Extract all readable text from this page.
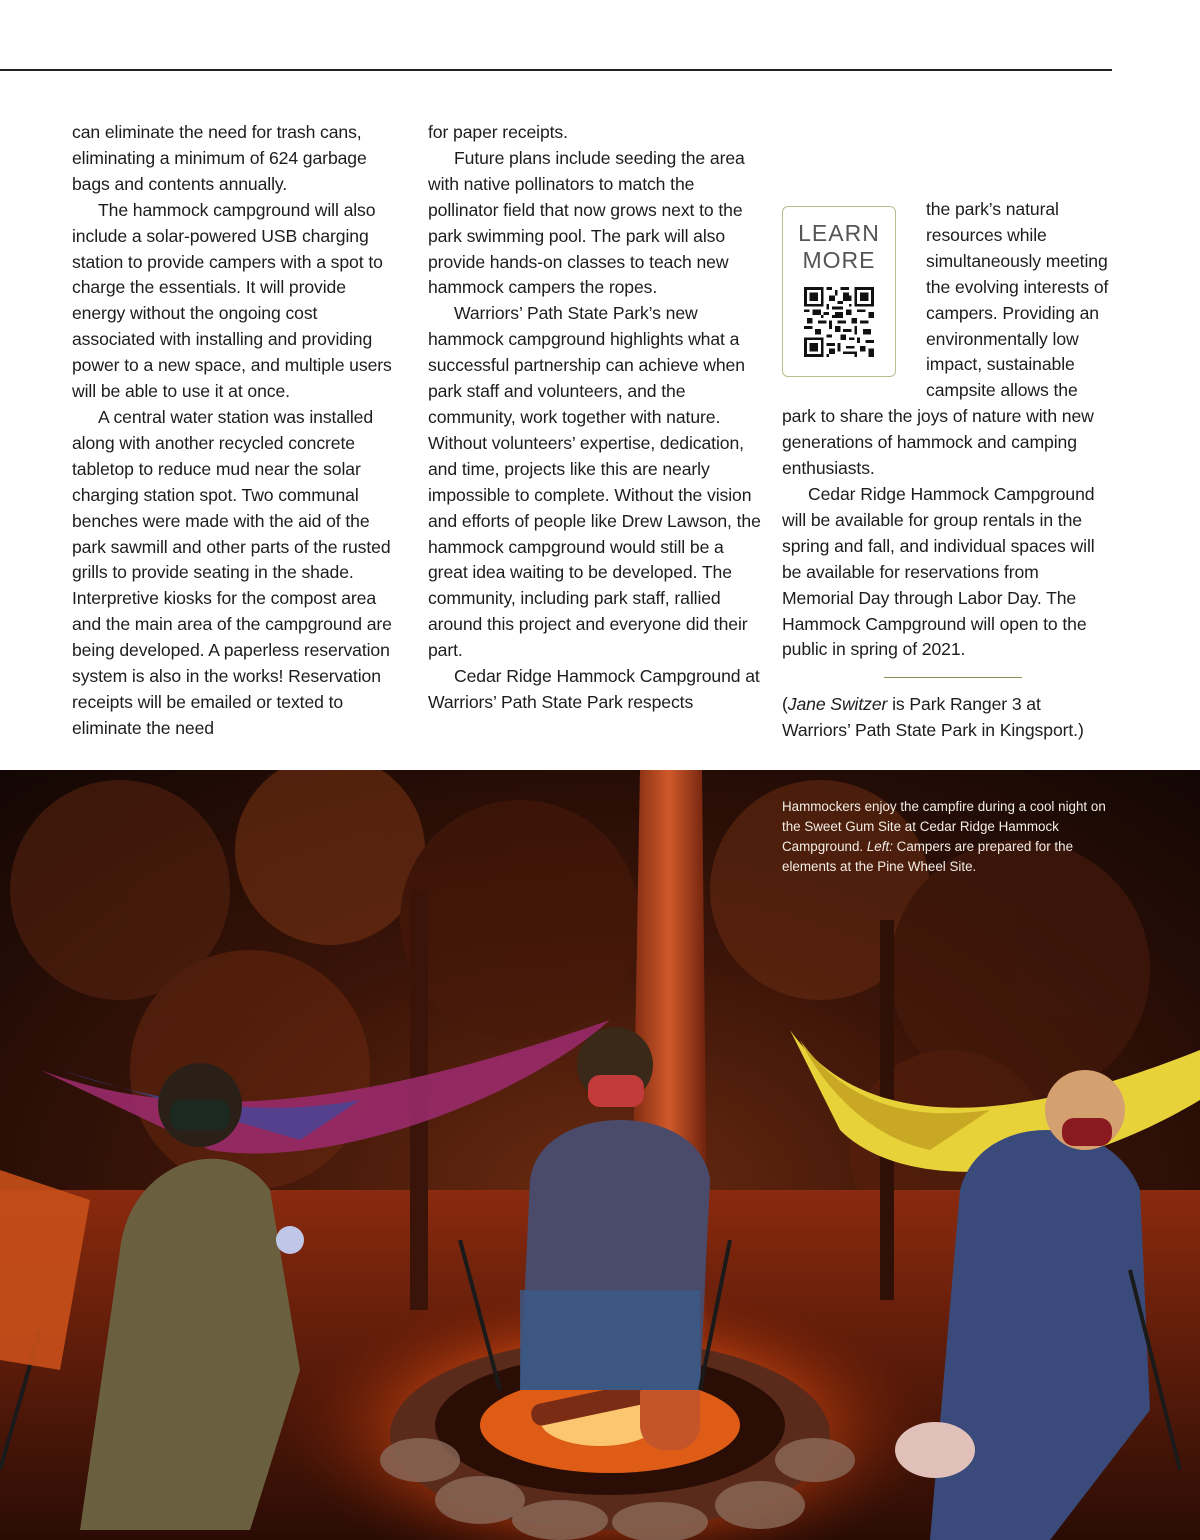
can eliminate the need for trash cans, eliminating a minimum of 624 garbage bags and contents annually.

The hammock campground will also include a solar-powered USB charging station to provide campers with a spot to charge the essentials. It will provide energy without the ongoing cost associated with installing and providing power to a new space, and multiple users will be able to use it at once.

A central water station was installed along with another recycled concrete tabletop to reduce mud near the solar charging station spot. Two communal benches were made with the aid of the park sawmill and other parts of the rusted grills to provide seating in the shade. Interpretive kiosks for the compost area and the main area of the campground are being developed. A paperless reservation system is also in the works! Reservation receipts will be emailed or texted to eliminate the need

for paper receipts.

Future plans include seeding the area with native pollinators to match the pollinator field that now grows next to the park swimming pool. The park will also provide hands-on classes to teach new hammock campers the ropes.

Warriors’ Path State Park’s new hammock campground highlights what a successful partnership can achieve when park staff and volunteers, and the community, work together with nature. Without volunteers’ expertise, dedication, and time, projects like this are nearly impossible to complete. Without the vision and efforts of people like Drew Lawson, the hammock campground would still be a great idea waiting to be developed. The community, including park staff, rallied around this project and everyone did their part.

Cedar Ridge Hammock Campground at Warriors’ Path State Park respects

LEARN
MORE

the park’s natural resources while simultaneously meeting the evolving interests of campers. Providing an environmentally low impact, sustainable campsite allows the park to share the joys of nature with new generations of hammock and camping enthusiasts.

Cedar Ridge Hammock Campground will be available for group rentals in the spring and fall, and individual spaces will be available for reservations from Memorial Day through Labor Day. The Hammock Campground will open to the public in spring of 2021.

(Jane Switzer is Park Ranger 3 at Warriors’ Path State Park in Kingsport.)

Hammockers enjoy the campfire during a cool night on the Sweet Gum Site at Cedar Ridge Hammock Campground. Left: Campers are prepared for the elements at the Pine Wheel Site.
